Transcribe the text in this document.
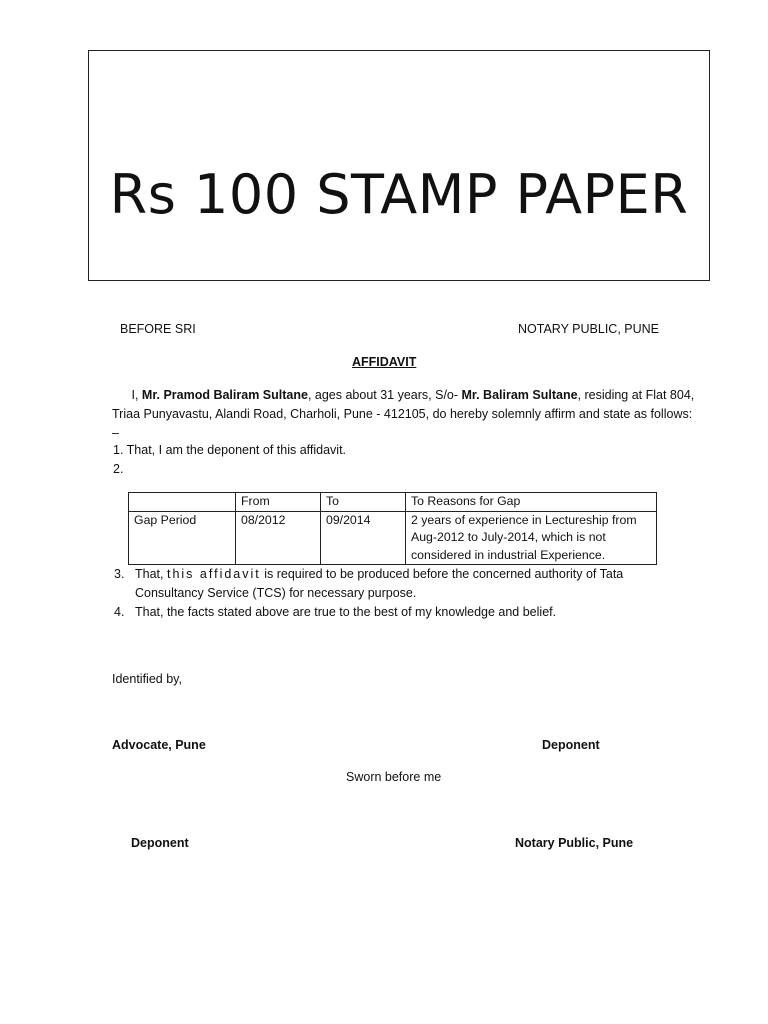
Rs 100 STAMP PAPER
BEFORE SRI	NOTARY PUBLIC, PUNE
AFFIDAVIT
I, Mr. Pramod Baliram Sultane, ages about 31 years, S/o- Mr. Baliram Sultane, residing at Flat 804, Triaa Punyavastu, Alandi Road, Charholi, Pune - 412105, do hereby solemnly affirm and state as follows: –
1. That, I am the deponent of this affidavit.
2.
	From	To	To Reasons for Gap
Gap Period	08/2012	09/2014	2 years of experience in Lectureship from Aug-2012 to July-2014, which is not considered in industrial Experience.
3. That, this affidavit is required to be produced before the concerned authority of Tata
Consultancy Service (TCS) for necessary purpose.
4. That, the facts stated above are true to the best of my knowledge and belief.
Identified by,
Advocate, Pune	Deponent
Sworn before me
Deponent	Notary Public, Pune
